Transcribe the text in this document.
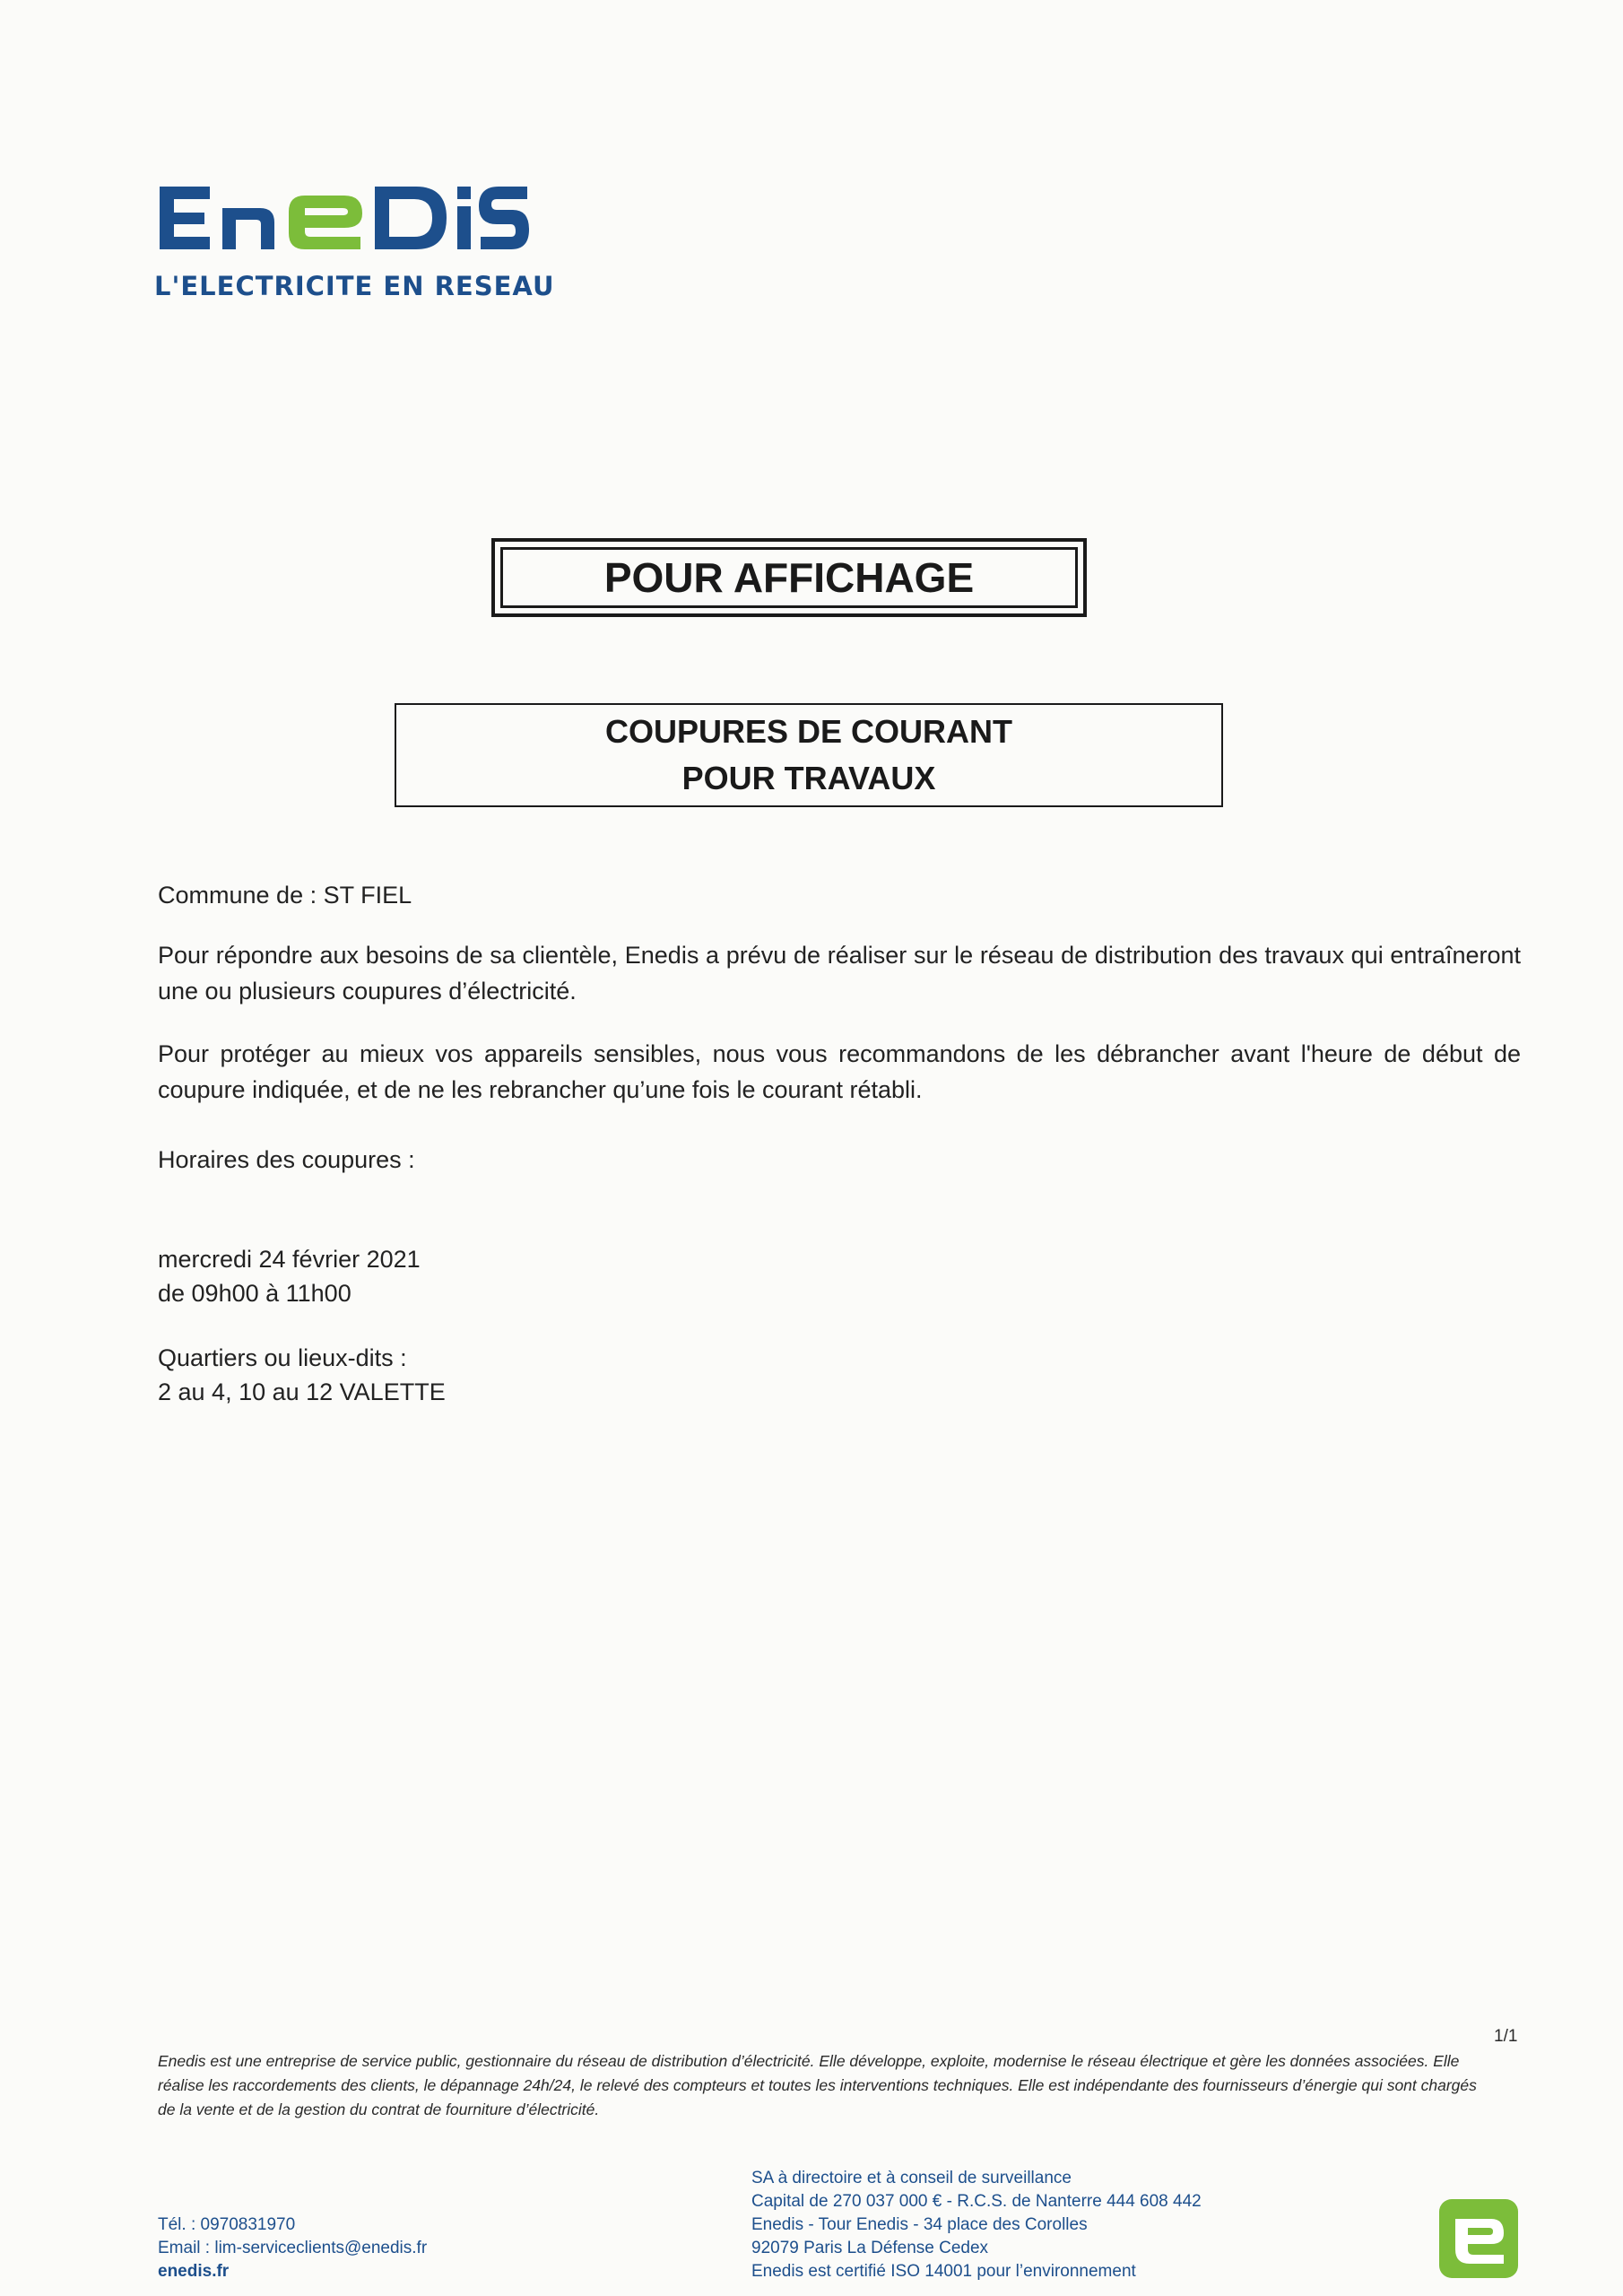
L'ELECTRICITE EN RESEAU
POUR AFFICHAGE
COUPURES DE COURANT
POUR TRAVAUX
Commune de : ST FIEL
Pour répondre aux besoins de sa clientèle, Enedis a prévu de réaliser sur le réseau de distribution des travaux qui entraîneront une ou plusieurs coupures d’électricité.
Pour protéger au mieux vos appareils sensibles, nous vous recommandons de les débrancher avant l'heure de début de coupure indiquée, et de ne les rebrancher qu’une fois le courant rétabli.
Horaires des coupures :
mercredi 24 février 2021
de 09h00 à 11h00
Quartiers ou lieux-dits :
2 au 4, 10 au 12 VALETTE
1/1
Enedis est une entreprise de service public, gestionnaire du réseau de distribution d’électricité. Elle développe, exploite, modernise le réseau électrique et gère les données associées. Elle réalise les raccordements des clients, le dépannage 24h/24, le relevé des compteurs et toutes les interventions techniques. Elle est indépendante des fournisseurs d’énergie qui sont chargés de la vente et de la gestion du contrat de fourniture d’électricité.
Tél. : 0970831970
Email : lim-serviceclients@enedis.fr
enedis.fr
SA à directoire et à conseil de surveillance
Capital de 270 037 000 € - R.C.S. de Nanterre 444 608 442
Enedis - Tour Enedis - 34 place des Corolles
92079 Paris La Défense Cedex
Enedis est certifié ISO 14001 pour l’environnement
